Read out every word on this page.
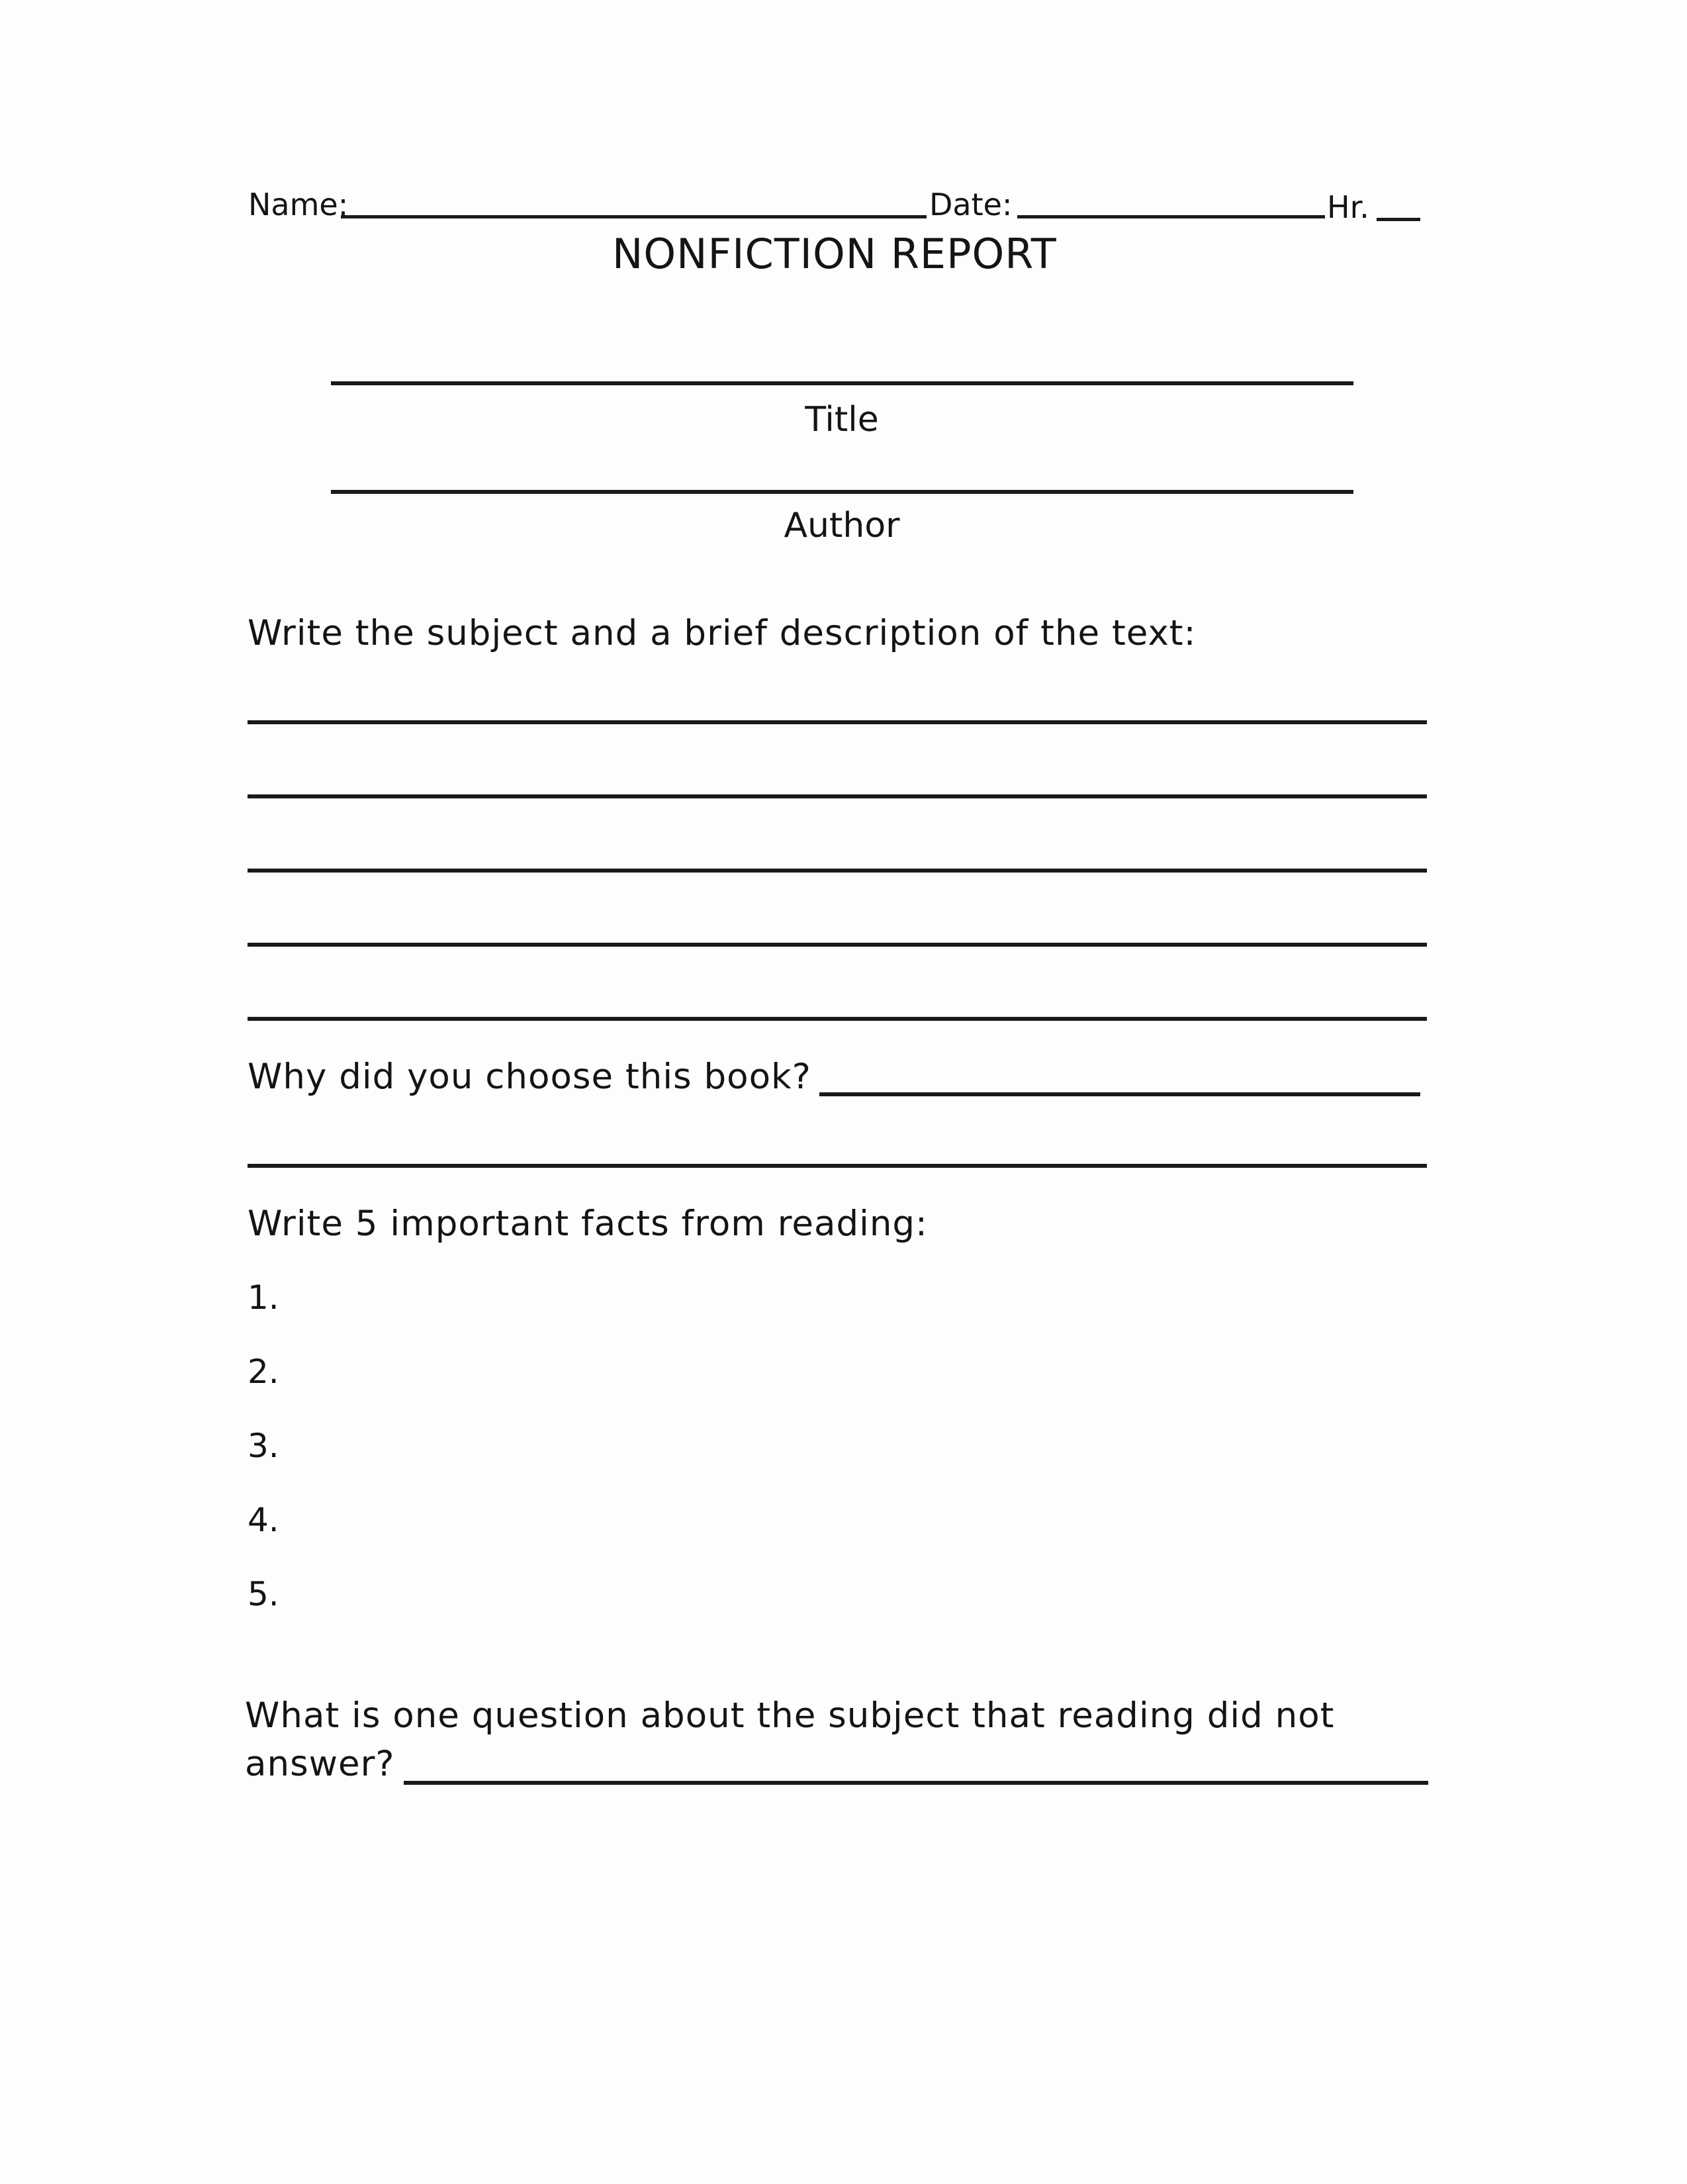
Name:	Date:	Hr.
NONFICTION REPORT
Title
Author
Write the subject and a brief description of the text:
Why did you choose this book?
Write 5 important facts from reading:
1.
2.
3.
4.
5.
What is one question about the subject that reading did not
answer?
